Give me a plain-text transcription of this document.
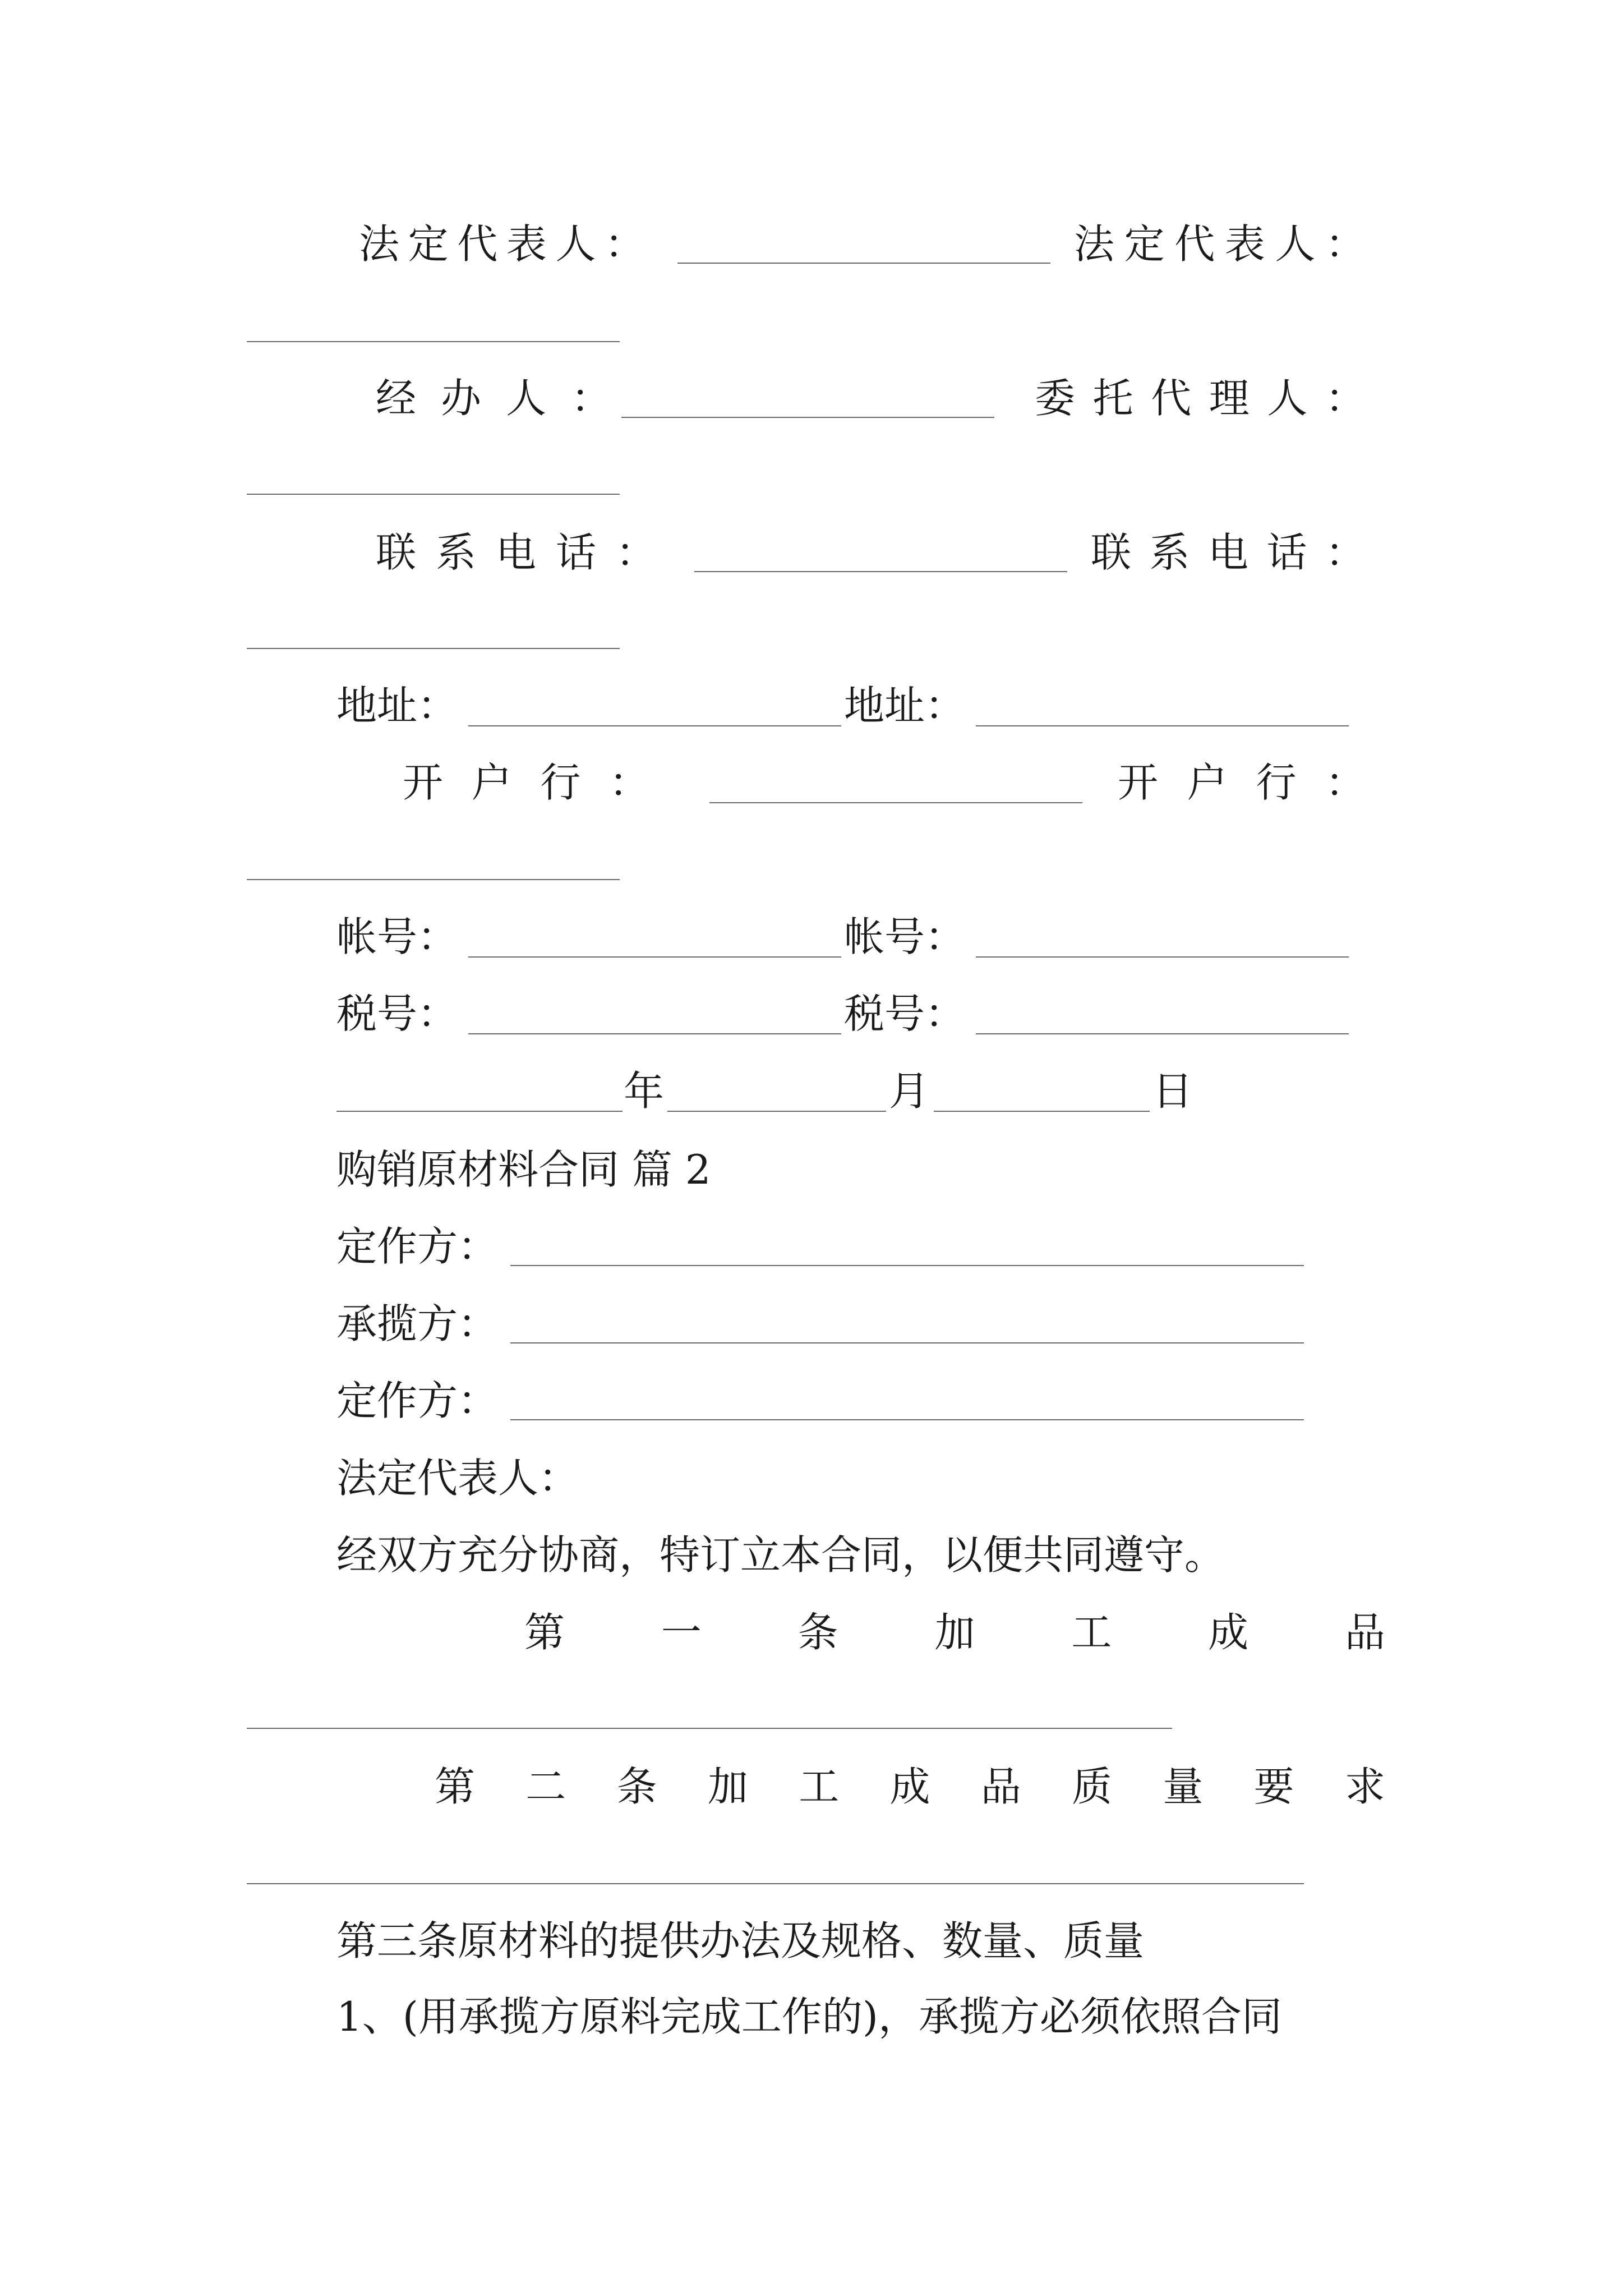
法 定 代 表 人 ：	法 定 代 表 人 ：
经 办 人 ：	委 托 代 理 人 ：
联 系 电 话 ：	联 系 电 话 ：
地址：	地址：
开 户 行 ：	开 户 行 ：
帐号：	帐号：
税号：	税号：
年	月	日
购销原材料合同 篇 2
定作方：
承揽方：
定作方：
法定代表人：
经双方充分协商，特订立本合同，以便共同遵守。
第 一 条 加 工 成 品
第 二 条 加 工 成 品 质 量 要 求
第三条原材料的提供办法及规格、数量、质量
1、(用承揽方原料完成工作的)，承揽方必须依照合同
